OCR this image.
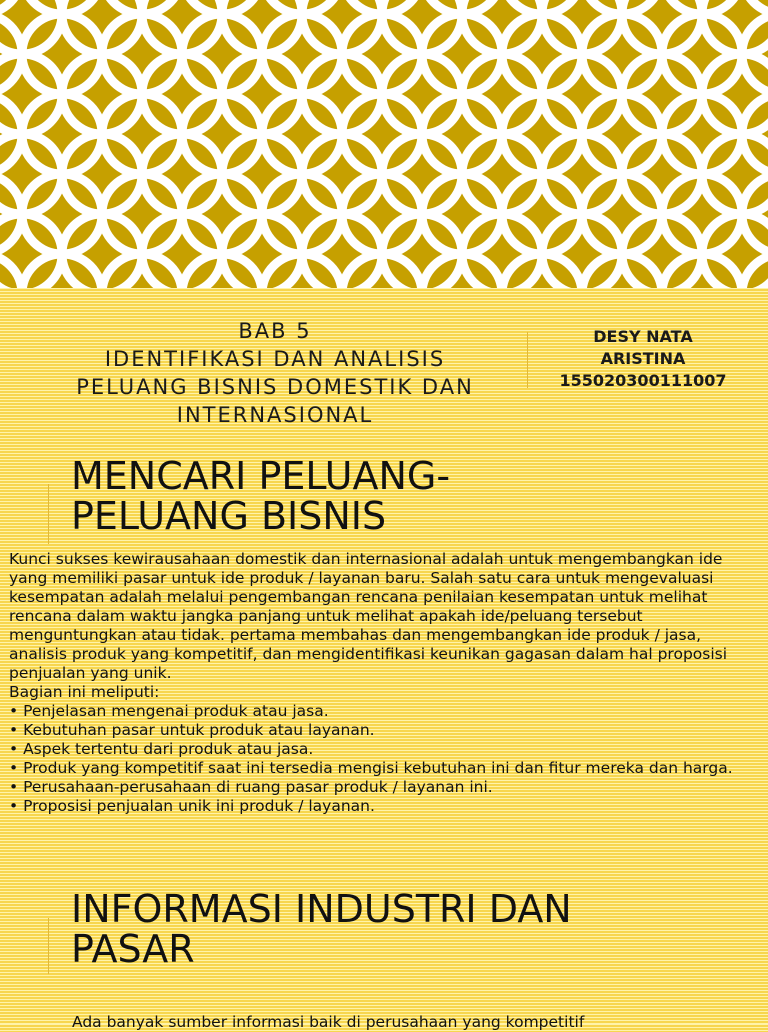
BAB 5
IDENTIFIKASI DAN ANALISIS
PELUANG BISNIS DOMESTIK DAN
INTERNASIONAL
DESY NATA
ARISTINA
155020300111007
MENCARI PELUANG-
PELUANG BISNIS

Kunci sukses kewirausahaan domestik dan internasional adalah untuk mengembangkan ide yang memiliki pasar untuk ide produk / layanan baru. Salah satu cara untuk mengevaluasi kesempatan adalah melalui pengembangan rencana penilaian kesempatan untuk melihat rencana dalam waktu jangka panjang untuk melihat apakah ide/peluang tersebut menguntungkan atau tidak. pertama membahas dan mengembangkan ide produk / jasa, analisis produk yang kompetitif, dan mengidentifikasi keunikan gagasan dalam hal proposisi penjualan yang unik.

Bagian ini meliputi:

• Penjelasan mengenai produk atau jasa.
• Kebutuhan pasar untuk produk atau layanan.
• Aspek tertentu dari produk atau jasa.
• Produk yang kompetitif saat ini tersedia mengisi kebutuhan ini dan fitur mereka dan harga.
• Perusahaan-perusahaan di ruang pasar produk / layanan ini.
• Proposisi penjualan unik ini produk / layanan.
INFORMASI INDUSTRI DAN
PASAR
Ada banyak sumber informasi baik di perusahaan yang kompetitif
